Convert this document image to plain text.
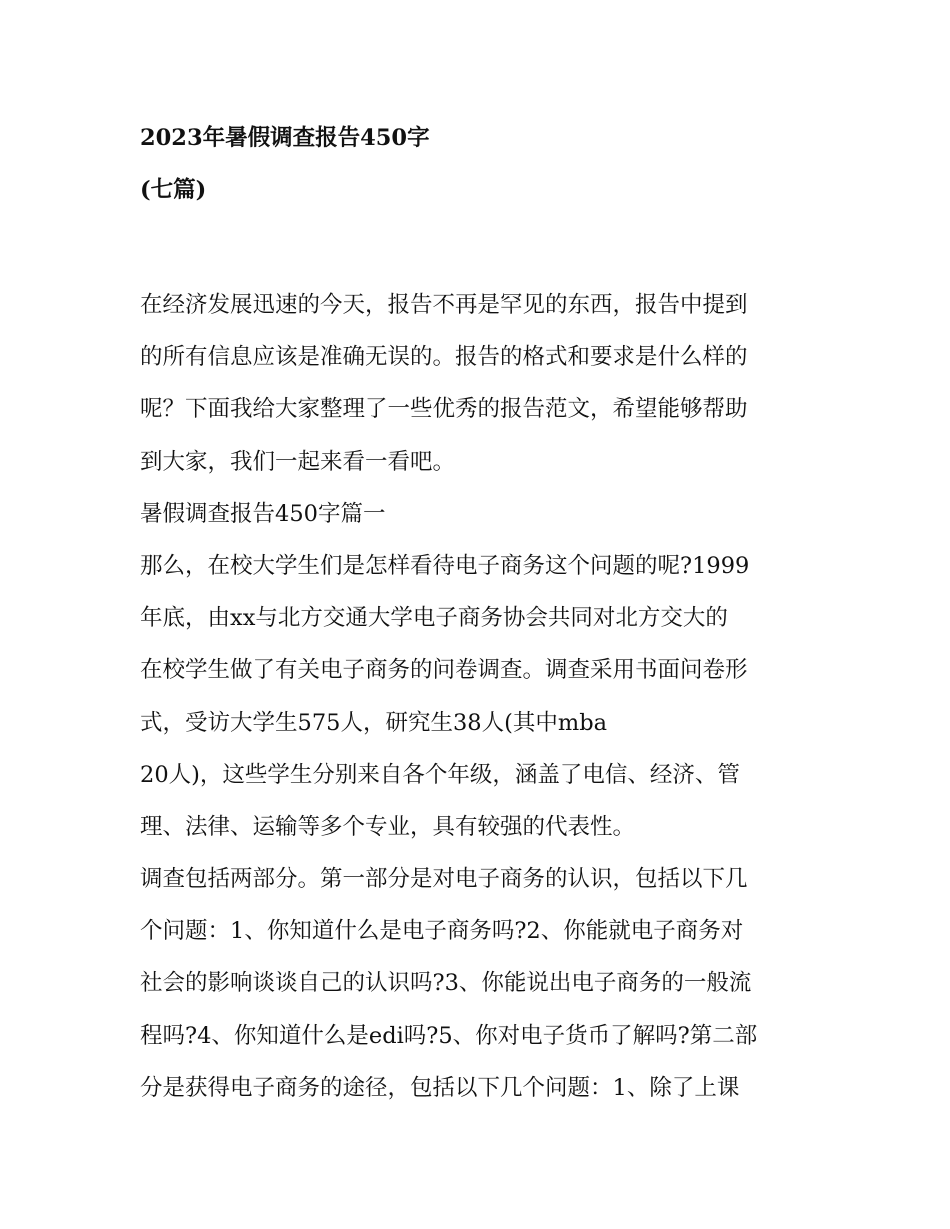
2023年暑假调查报告450字
(七篇)
在经济发展迅速的今天，报告不再是罕见的东西，报告中提到
的所有信息应该是准确无误的。报告的格式和要求是什么样的
呢？下面我给大家整理了一些优秀的报告范文，希望能够帮助
到大家，我们一起来看一看吧。
暑假调查报告450字篇一
那么，在校大学生们是怎样看待电子商务这个问题的呢?1999
年底，由xx与北方交通大学电子商务协会共同对北方交大的
在校学生做了有关电子商务的问卷调查。调查采用书面问卷形
式，受访大学生575人，研究生38人(其中mba
20人)，这些学生分别来自各个年级，涵盖了电信、经济、管
理、法律、运输等多个专业，具有较强的代表性。
调查包括两部分。第一部分是对电子商务的认识，包括以下几
个问题：1、你知道什么是电子商务吗?2、你能就电子商务对
社会的影响谈谈自己的认识吗?3、你能说出电子商务的一般流
程吗?4、你知道什么是edi吗?5、你对电子货币了解吗?第二部
分是获得电子商务的途径，包括以下几个问题：1、除了上课
